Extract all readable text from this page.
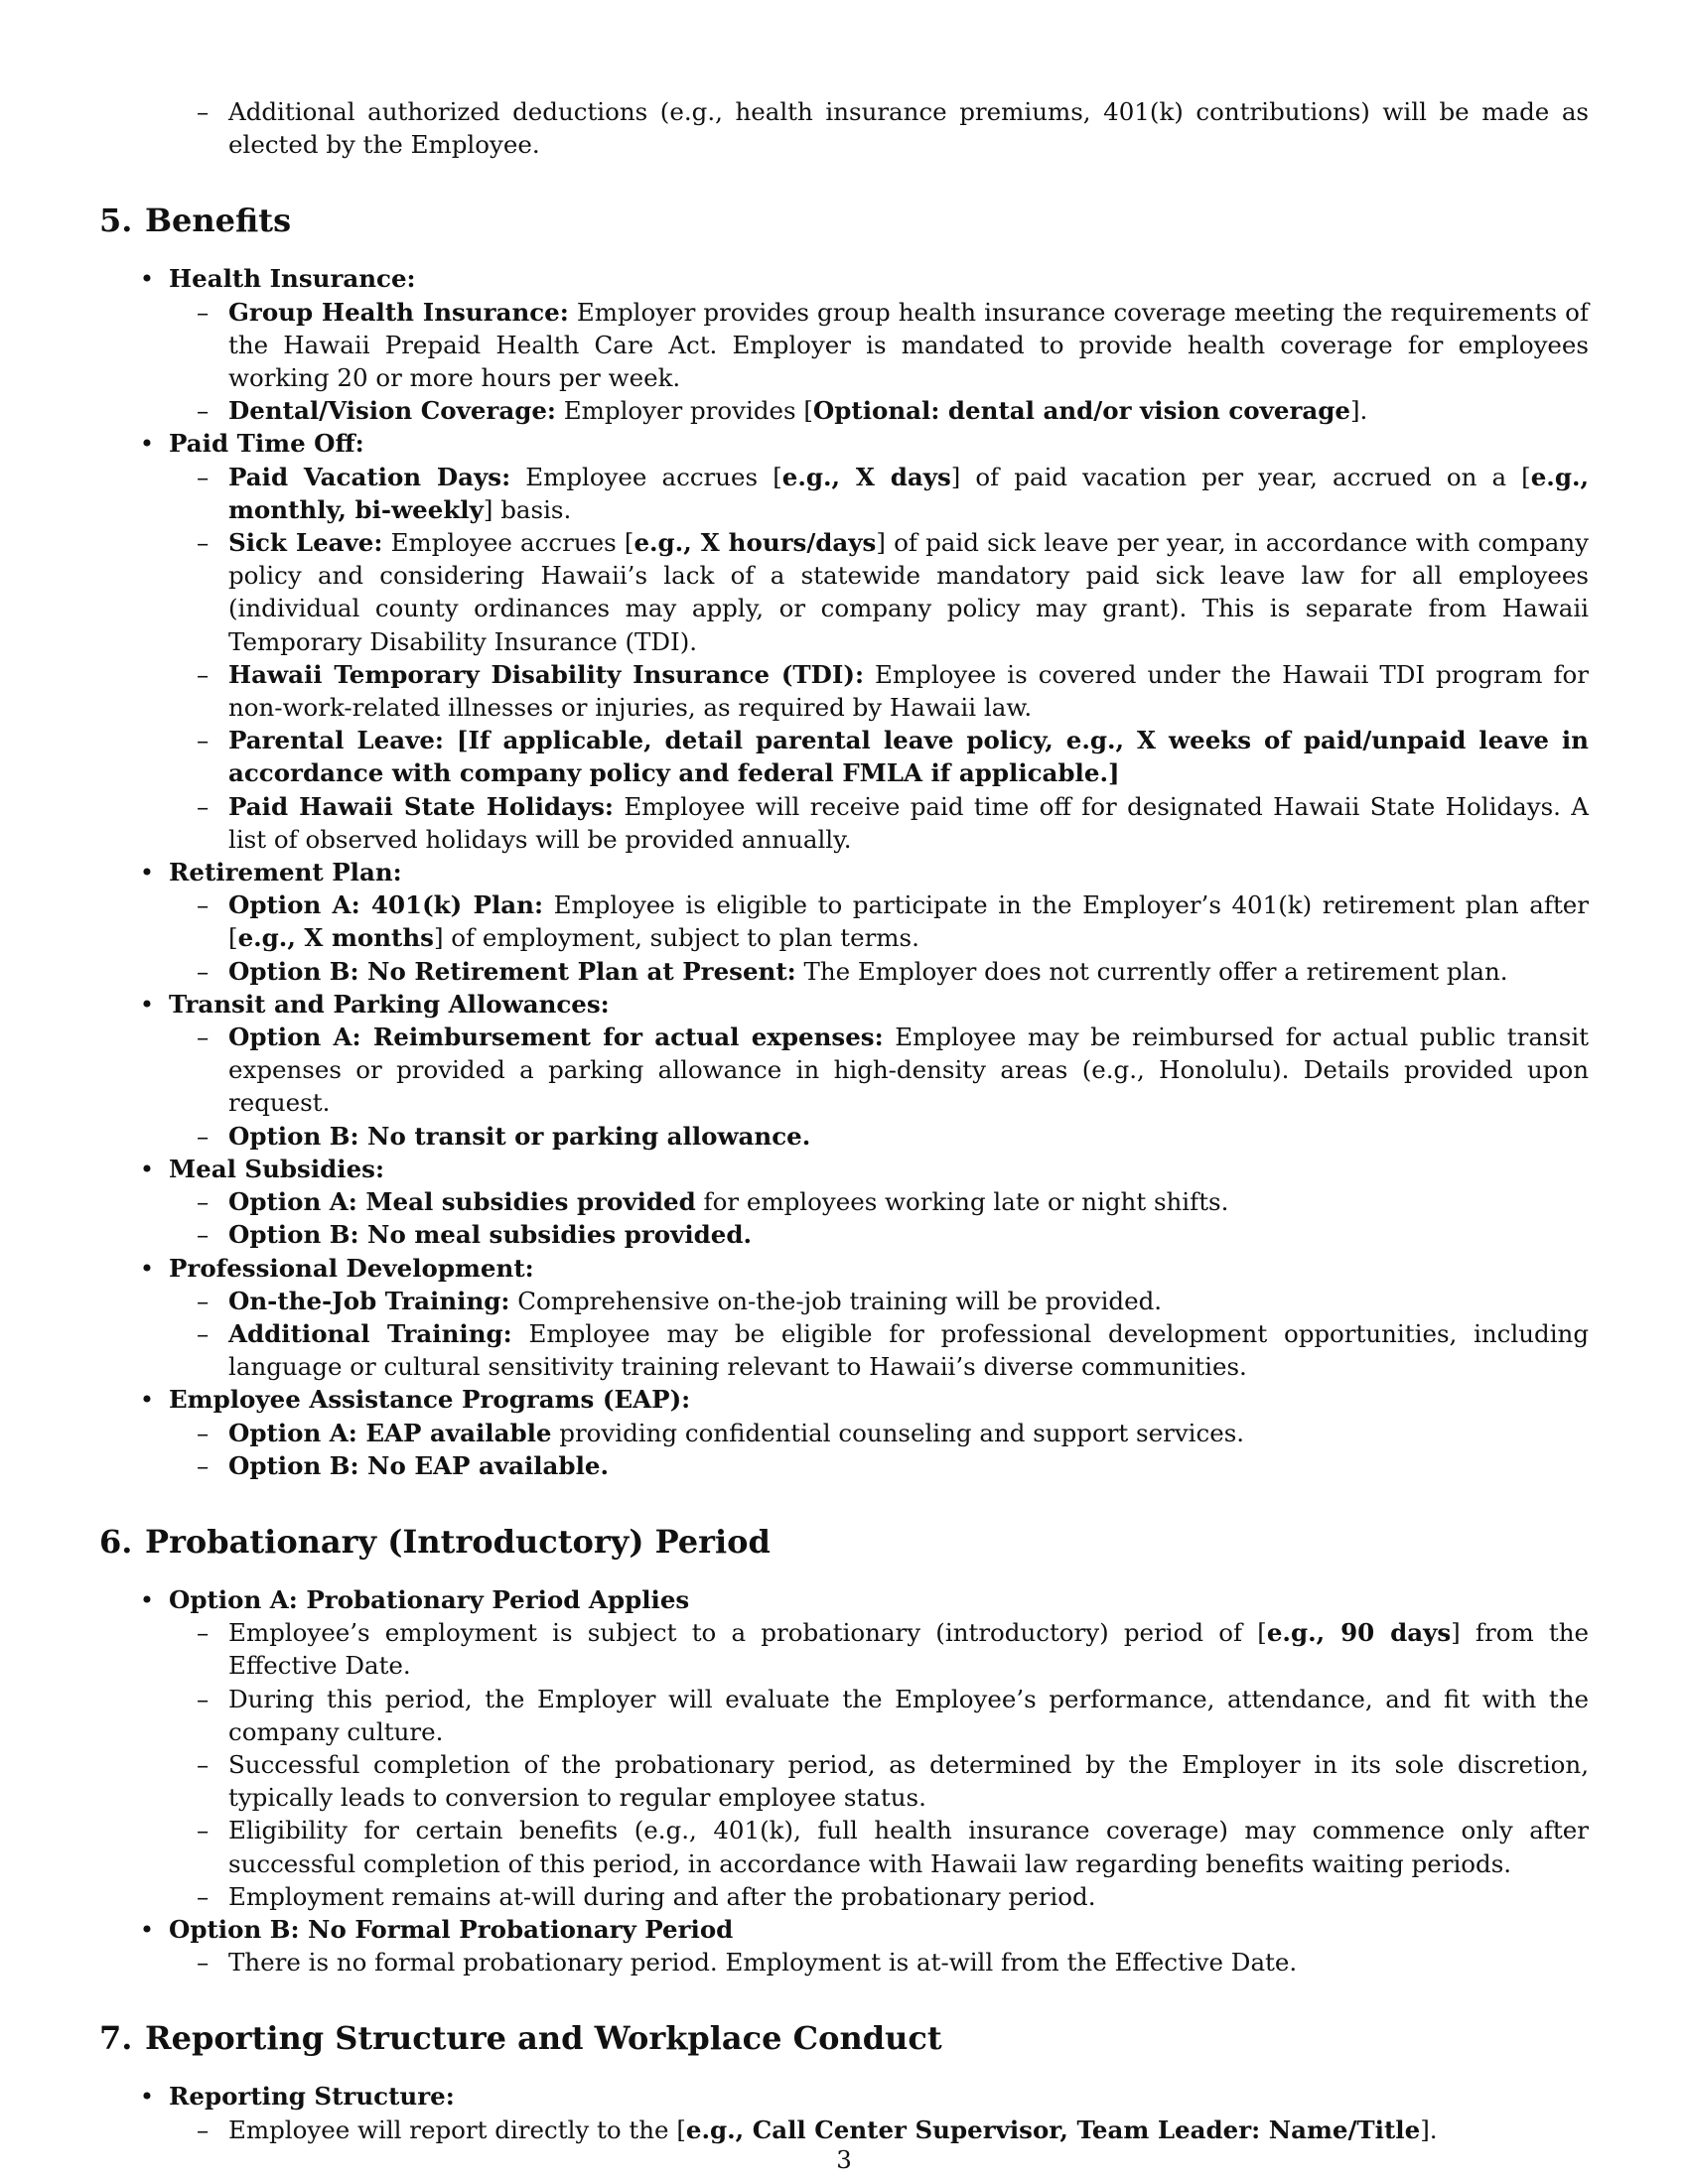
– Additional authorized deductions (e.g., health insurance premiums, 401(k) contributions) will be made as elected by the Employee.
5. Benefits
• Health Insurance:
– Group Health Insurance: Employer provides group health insurance coverage meeting the requirements of the Hawaii Prepaid Health Care Act. Employer is mandated to provide health coverage for employees working 20 or more hours per week.
– Dental/Vision Coverage: Employer provides [Optional: dental and/or vision coverage].
• Paid Time Off:
– Paid Vacation Days: Employee accrues [e.g., X days] of paid vacation per year, accrued on a [e.g., monthly, bi-weekly] basis.
– Sick Leave: Employee accrues [e.g., X hours/days] of paid sick leave per year, in accordance with company policy and considering Hawaii’s lack of a statewide mandatory paid sick leave law for all employees (individual county ordinances may apply, or company policy may grant). This is separate from Hawaii Temporary Disability Insurance (TDI).
– Hawaii Temporary Disability Insurance (TDI): Employee is covered under the Hawaii TDI program for non-work-related illnesses or injuries, as required by Hawaii law.
– Parental Leave: [If applicable, detail parental leave policy, e.g., X weeks of paid/unpaid leave in accordance with company policy and federal FMLA if applicable.]
– Paid Hawaii State Holidays: Employee will receive paid time off for designated Hawaii State Holidays. A list of observed holidays will be provided annually.
• Retirement Plan:
– Option A: 401(k) Plan: Employee is eligible to participate in the Employer’s 401(k) retirement plan after [e.g., X months] of employment, subject to plan terms.
– Option B: No Retirement Plan at Present: The Employer does not currently offer a retirement plan.
• Transit and Parking Allowances:
– Option A: Reimbursement for actual expenses: Employee may be reimbursed for actual public transit expenses or provided a parking allowance in high-density areas (e.g., Honolulu). Details provided upon request.
– Option B: No transit or parking allowance.
• Meal Subsidies:
– Option A: Meal subsidies provided for employees working late or night shifts.
– Option B: No meal subsidies provided.
• Professional Development:
– On-the-Job Training: Comprehensive on-the-job training will be provided.
– Additional Training: Employee may be eligible for professional development opportunities, including language or cultural sensitivity training relevant to Hawaii’s diverse communities.
• Employee Assistance Programs (EAP):
– Option A: EAP available providing confidential counseling and support services.
– Option B: No EAP available.
6. Probationary (Introductory) Period
• Option A: Probationary Period Applies
– Employee’s employment is subject to a probationary (introductory) period of [e.g., 90 days] from the Effective Date.
– During this period, the Employer will evaluate the Employee’s performance, attendance, and fit with the company culture.
– Successful completion of the probationary period, as determined by the Employer in its sole discretion, typically leads to conversion to regular employee status.
– Eligibility for certain benefits (e.g., 401(k), full health insurance coverage) may commence only after successful completion of this period, in accordance with Hawaii law regarding benefits waiting periods.
– Employment remains at-will during and after the probationary period.
• Option B: No Formal Probationary Period
– There is no formal probationary period. Employment is at-will from the Effective Date.
7. Reporting Structure and Workplace Conduct
• Reporting Structure:
– Employee will report directly to the [e.g., Call Center Supervisor, Team Leader: Name/Title].
3
